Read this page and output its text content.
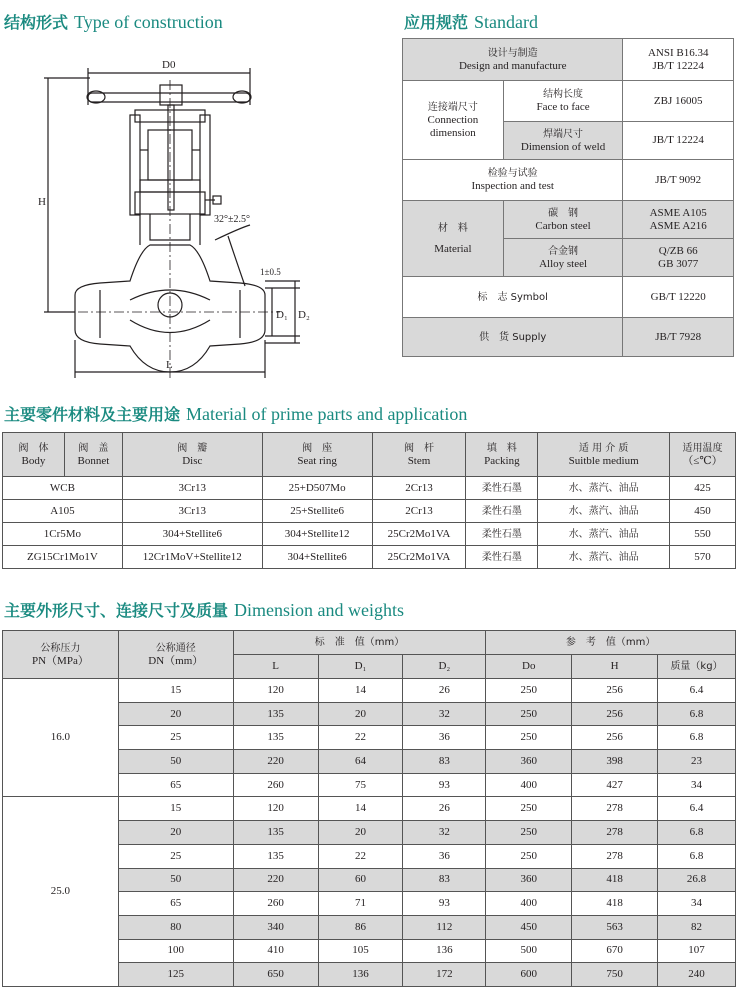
结构形式 Type of construction	应用规范 Standard
D0
H
32°±2.5°
1±0.5
D₁ D₂
L
设计与制造
Design and manufacture		ANSI B16.34
JB/T 12224

连接端尺寸
Connection
dimension	结构长度
Face to face	ZBJ 16005

	焊端尺寸
Dimension of weld	JB/T 12224

检验与试验
Inspection and test		JB/T 9092

材　料
Material	碳　钢
Carbon steel	ASME A105
ASME A216

	合金钢
Alloy steel	Q/ZB 66
GB 3077

标　志 Symbol		GB/T 12220
供　货 Supply		JB/T 7928
主要零件材料及主要用途 Material of prime parts and application
阀　体
Body	阀　盖
Bonnet	阀　瓣
Disc	阀　座
Seat ring	阀　杆
Stem	填　料
Packing	适 用 介 质
Suitble medium	适用温度
（≤℃）

WCB		3Cr13	25+D507Mo	2Cr13	柔性石墨	水、蒸汽、油品	425
A105		3Cr13	25+Stellite6	2Cr13	柔性石墨	水、蒸汽、油品	450
1Cr5Mo		304+Stellite6	304+Stellite12	25Cr2Mo1VA	柔性石墨	水、蒸汽、油品	550
ZG15Cr1Mo1V		12Cr1MoV+Stellite12	304+Stellite6	25Cr2Mo1VA	柔性石墨	水、蒸汽、油品	570
主要外形尺寸、连接尺寸及质量 Dimension and weights
公称压力
PN（MPa）	公称通径
DN（mm）	标　准　值（mm）			参　考　值（mm）		
		L	D₁	D₂	Do	H	质量（kg）
16.0	15	120	14	26	250	256	6.4
	20	135	20	32	250	256	6.8
	25	135	22	36	250	256	6.8
	50	220	64	83	360	398	23
	65	260	75	93	400	427	34
25.0	15	120	14	26	250	278	6.4
	20	135	20	32	250	278	6.8
	25	135	22	36	250	278	6.8
	50	220	60	83	360	418	26.8
	65	260	71	93	400	418	34
	80	340	86	112	450	563	82
	100	410	105	136	500	670	107
	125	650	136	172	600	750	240
